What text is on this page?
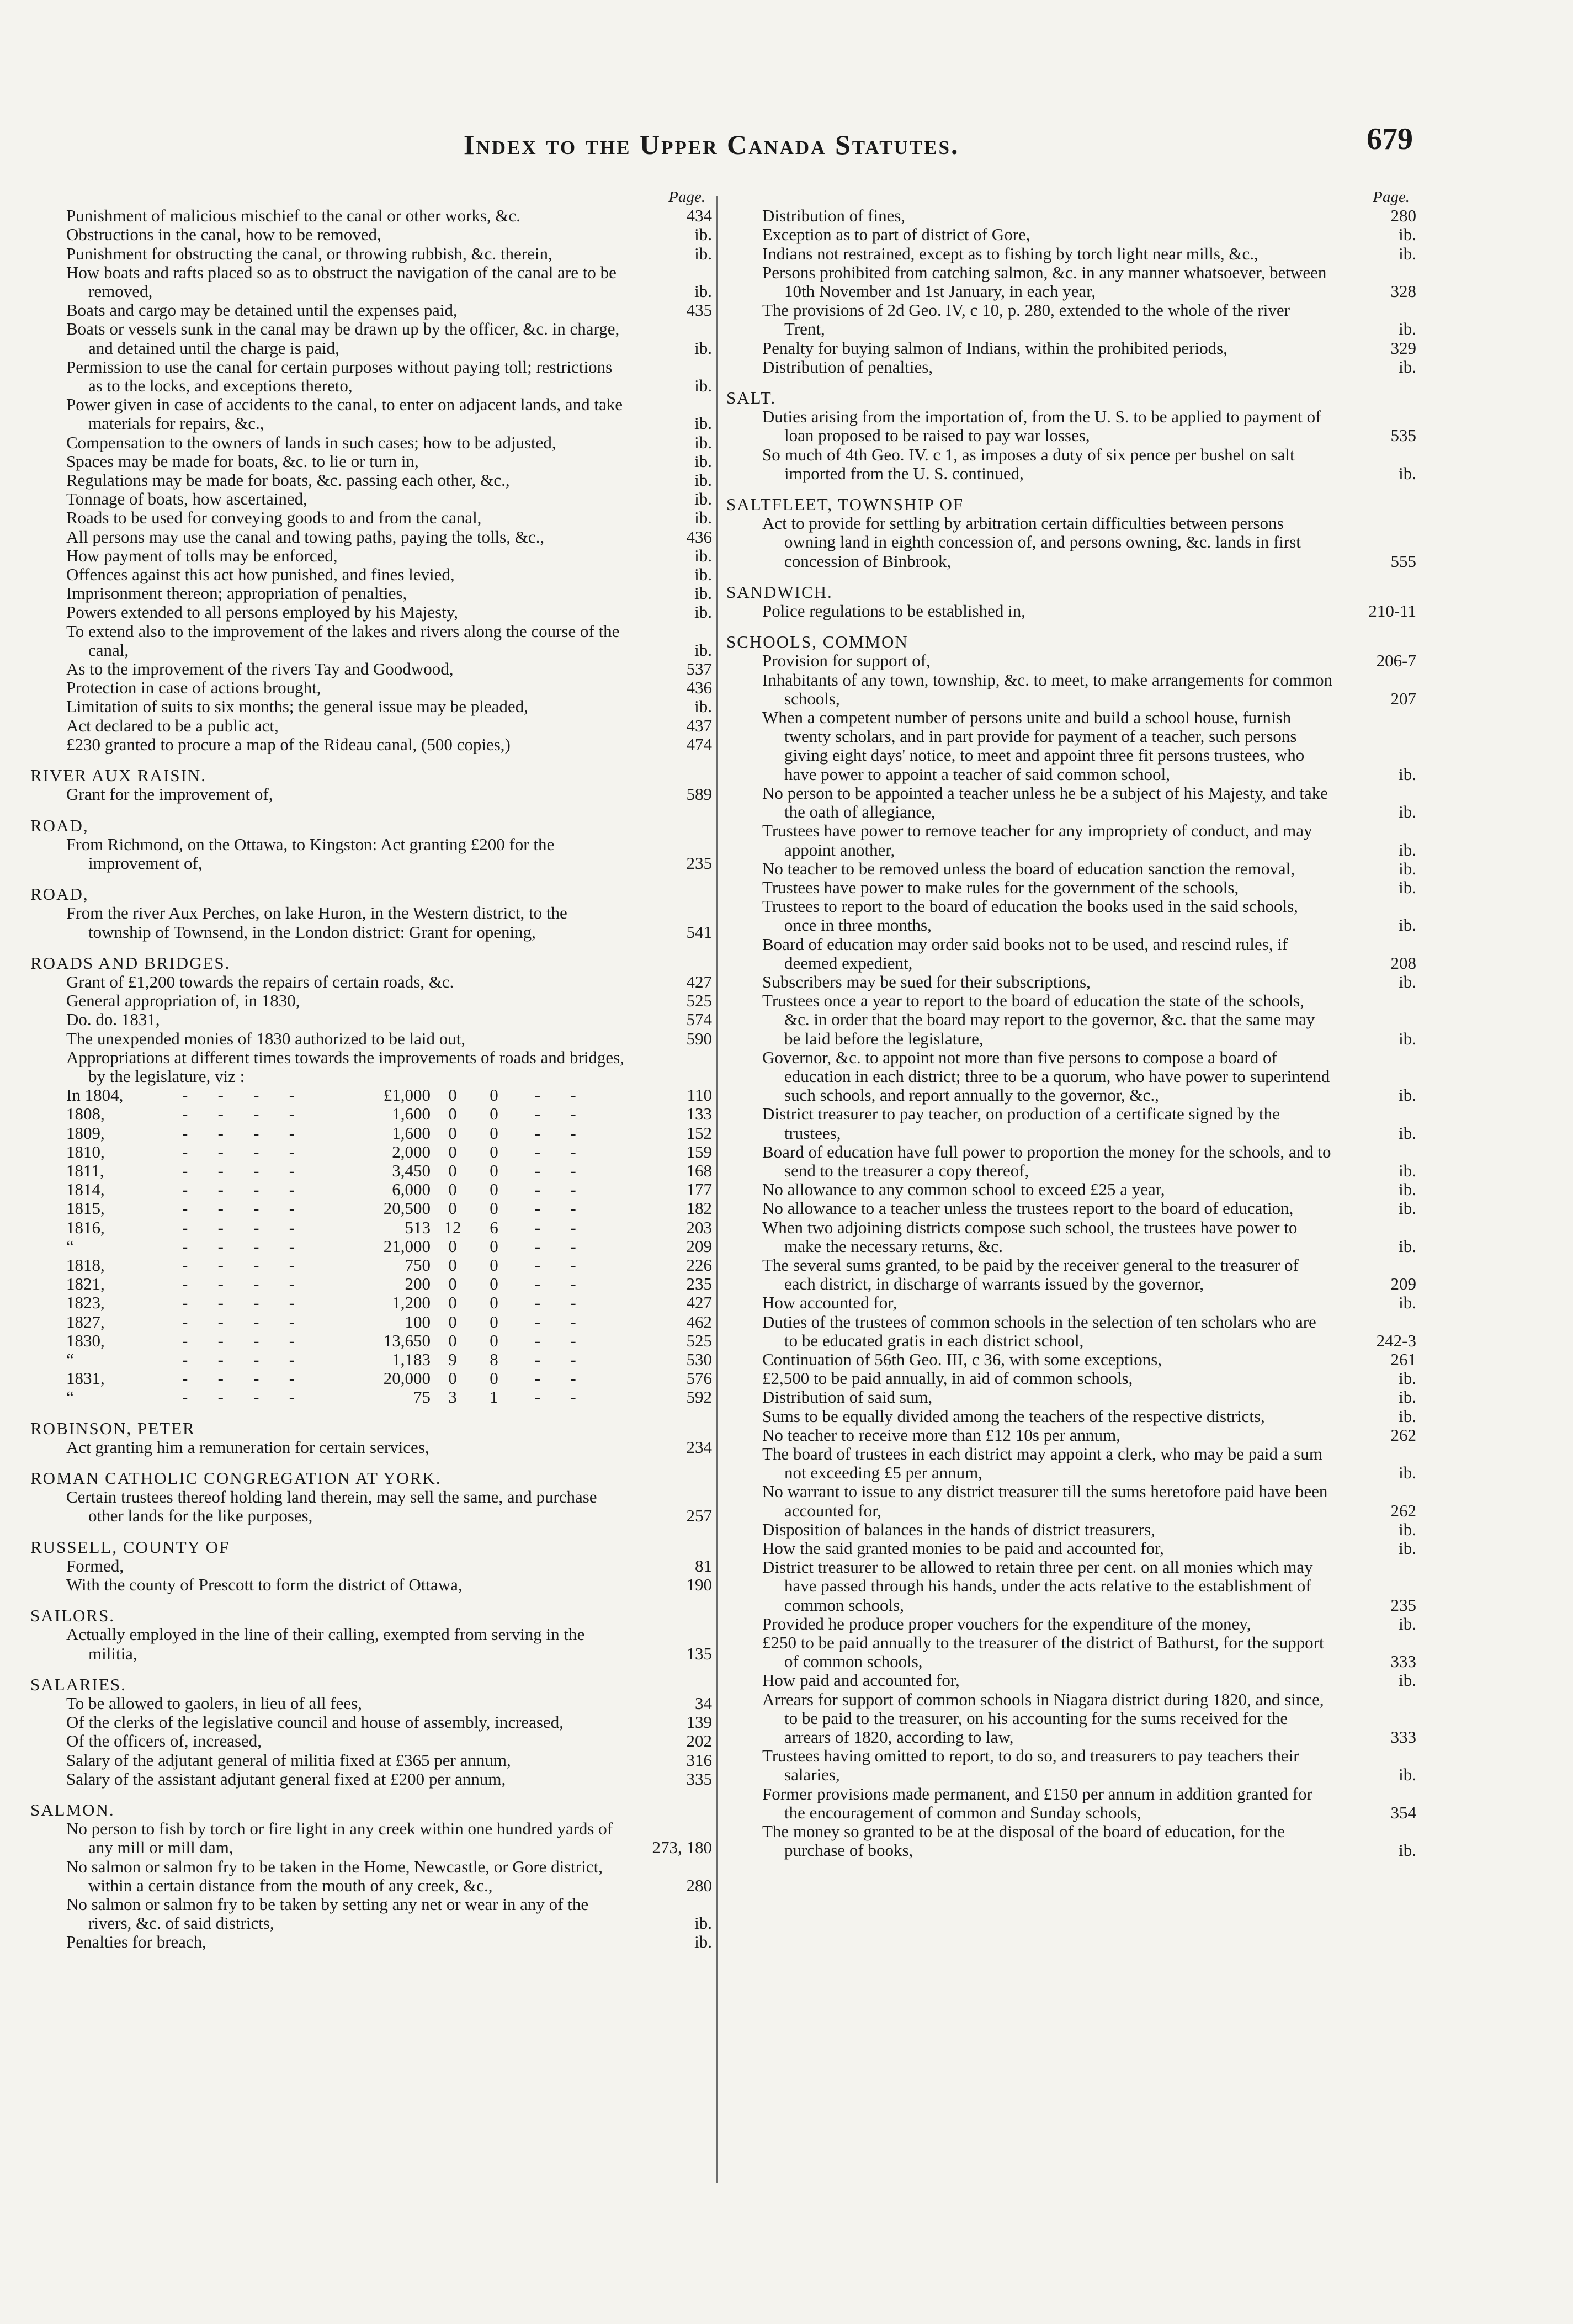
Index to the Upper Canada Statutes.	679
Page.
Punishment of malicious mischief to the canal or other works, &c.	434
Obstructions in the canal, how to be removed,	ib.
Punishment for obstructing the canal, or throwing rubbish, &c. therein,	ib.
How boats and rafts placed so as to obstruct the navigation of the canal are to be removed,	ib.
Boats and cargo may be detained until the expenses paid,	435
Boats or vessels sunk in the canal may be drawn up by the officer, &c. in charge, and detained until the charge is paid,	ib.
Permission to use the canal for certain purposes without paying toll; restrictions as to the locks, and exceptions thereto,	ib.
Power given in case of accidents to the canal, to enter on adjacent lands, and take materials for repairs, &c.,	ib.
Compensation to the owners of lands in such cases; how to be adjusted,	ib.
Spaces may be made for boats, &c. to lie or turn in,	ib.
Regulations may be made for boats, &c. passing each other, &c.,	ib.
Tonnage of boats, how ascertained,	ib.
Roads to be used for conveying goods to and from the canal,	ib.
All persons may use the canal and towing paths, paying the tolls, &c.,	436
How payment of tolls may be enforced,	ib.
Offences against this act how punished, and fines levied,	ib.
Imprisonment thereon; appropriation of penalties,	ib.
Powers extended to all persons employed by his Majesty,	ib.
To extend also to the improvement of the lakes and rivers along the course of the canal,	ib.
As to the improvement of the rivers Tay and Goodwood,	537
Protection in case of actions brought,	436
Limitation of suits to six months; the general issue may be pleaded,	ib.
Act declared to be a public act,	437
£230 granted to procure a map of the Rideau canal, (500 copies,)	474
RIVER AUX RAISIN.
Grant for the improvement of,	589
ROAD,
From Richmond, on the Ottawa, to Kingston: Act granting £200 for the improvement of,	235
ROAD,
From the river Aux Perches, on lake Huron, in the Western district, to the township of Townsend, in the London district: Grant for opening,	541
ROADS AND BRIDGES.
Grant of £1,200 towards the repairs of certain roads, &c.	427
General appropriation of, in 1830,	525
Do. do. 1831,	574
The unexpended monies of 1830 authorized to be laid out,	590
Appropriations at different times towards the improvements of roads and bridges, by the legislature, viz :
In 1804,	-       -       -       -	£1,000	0	0 -       -	110
1808,	-       -       -       -	1,600	0	0 -       -	133
1809,	-       -       -       -	1,600	0	0 -       -	152
1810,	-       -       -       -	2,000	0	0 -       -	159
1811,	-       -       -       -	3,450	0	0 -       -	168
1814,	-       -       -       -	6,000	0	0 -       -	177
1815,	-       -       -       -	20,500	0	0 -       -	182
1816,	-       -       -       -	513 12	6 -       -	203
“	-       -       -       -	21,000	0	0 -       -	209
1818,	-       -       -       -	750	0	0 -       -	226
1821,	-       -       -       -	200	0	0 -       -	235
1823,	-       -       -       -	1,200	0	0 -       -	427
1827,	-       -       -       -	100	0	0 -       -	462
1830,	-       -       -       -	13,650	0	0 -       -	525
“	-       -       -       -	1,183	9	8 -       -	530
1831,	-       -       -       -	20,000	0	0 -       -	576
“	-       -       -       -	75	3	1 -       -	592
ROBINSON, PETER
Act granting him a remuneration for certain services,	234
ROMAN CATHOLIC CONGREGATION AT YORK.
Certain trustees thereof holding land therein, may sell the same, and purchase other lands for the like purposes,	257
RUSSELL, COUNTY OF
Formed,	81
With the county of Prescott to form the district of Ottawa,	190
SAILORS.
Actually employed in the line of their calling, exempted from serving in the militia,	135
SALARIES.
To be allowed to gaolers, in lieu of all fees,	34
Of the clerks of the legislative council and house of assembly, increased,	139
Of the officers of, increased,	202
Salary of the adjutant general of militia fixed at £365 per annum,	316
Salary of the assistant adjutant general fixed at £200 per annum,	335
SALMON.
No person to fish by torch or fire light in any creek within one hundred yards of any mill or mill dam,	273, 180
No salmon or salmon fry to be taken in the Home, Newcastle, or Gore district, within a certain distance from the mouth of any creek, &c.,	280
No salmon or salmon fry to be taken by setting any net or wear in any of the rivers, &c. of said districts,	ib.
Penalties for breach,	ib.
Page.
Distribution of fines,	280
Exception as to part of district of Gore,	ib.
Indians not restrained, except as to fishing by torch light near mills, &c.,	ib.
Persons prohibited from catching salmon, &c. in any manner whatsoever, between 10th November and 1st January, in each year,	328
The provisions of 2d Geo. IV, c 10, p. 280, extended to the whole of the river Trent,	ib.
Penalty for buying salmon of Indians, within the prohibited periods,	329
Distribution of penalties,	ib.
SALT.
Duties arising from the importation of, from the U. S. to be applied to payment of loan proposed to be raised to pay war losses,	535
So much of 4th Geo. IV. c 1, as imposes a duty of six pence per bushel on salt imported from the U. S. continued,	ib.
SALTFLEET, TOWNSHIP OF
Act to provide for settling by arbitration certain difficulties between persons owning land in eighth concession of, and persons owning, &c. lands in first concession of Binbrook,	555
SANDWICH.
Police regulations to be established in,	210-11
SCHOOLS, COMMON
Provision for support of,	206-7
Inhabitants of any town, township, &c. to meet, to make arrangements for common schools,	207
When a competent number of persons unite and build a school house, furnish twenty scholars, and in part provide for payment of a teacher, such persons giving eight days' notice, to meet and appoint three fit persons trustees, who have power to appoint a teacher of said common school,	ib.
No person to be appointed a teacher unless he be a subject of his Majesty, and take the oath of allegiance,	ib.
Trustees have power to remove teacher for any impropriety of conduct, and may appoint another,	ib.
No teacher to be removed unless the board of education sanction the removal,	ib.
Trustees have power to make rules for the government of the schools,	ib.
Trustees to report to the board of education the books used in the said schools, once in three months,	ib.
Board of education may order said books not to be used, and rescind rules, if deemed expedient,	208
Subscribers may be sued for their subscriptions,	ib.
Trustees once a year to report to the board of education the state of the schools, &c. in order that the board may report to the governor, &c. that the same may be laid before the legislature,	ib.
Governor, &c. to appoint not more than five persons to compose a board of education in each district; three to be a quorum, who have power to superintend such schools, and report annually to the governor, &c.,	ib.
District treasurer to pay teacher, on production of a certificate signed by the trustees,	ib.
Board of education have full power to proportion the money for the schools, and to send to the treasurer a copy thereof,	ib.
No allowance to any common school to exceed £25 a year,	ib.
No allowance to a teacher unless the trustees report to the board of education,	ib.
When two adjoining districts compose such school, the trustees have power to make the necessary returns, &c.	ib.
The several sums granted, to be paid by the receiver general to the treasurer of each district, in discharge of warrants issued by the governor,	209
How accounted for,	ib.
Duties of the trustees of common schools in the selection of ten scholars who are to be educated gratis in each district school,	242-3
Continuation of 56th Geo. III, c 36, with some exceptions,	261
£2,500 to be paid annually, in aid of common schools,	ib.
Distribution of said sum,	ib.
Sums to be equally divided among the teachers of the respective districts,	ib.
No teacher to receive more than £12 10s per annum,	262
The board of trustees in each district may appoint a clerk, who may be paid a sum not exceeding £5 per annum,	ib.
No warrant to issue to any district treasurer till the sums heretofore paid have been accounted for,	262
Disposition of balances in the hands of district treasurers,	ib.
How the said granted monies to be paid and accounted for,	ib.
District treasurer to be allowed to retain three per cent. on all monies which may have passed through his hands, under the acts relative to the establishment of common schools,	235
Provided he produce proper vouchers for the expenditure of the money,	ib.
£250 to be paid annually to the treasurer of the district of Bathurst, for the support of common schools,	333
How paid and accounted for,	ib.
Arrears for support of common schools in Niagara district during 1820, and since, to be paid to the treasurer, on his accounting for the sums received for the arrears of 1820, according to law,	333
Trustees having omitted to report, to do so, and treasurers to pay teachers their salaries,	ib.
Former provisions made permanent, and £150 per annum in addition granted for the encouragement of common and Sunday schools,	354
The money so granted to be at the disposal of the board of education, for the purchase of books,	ib.
